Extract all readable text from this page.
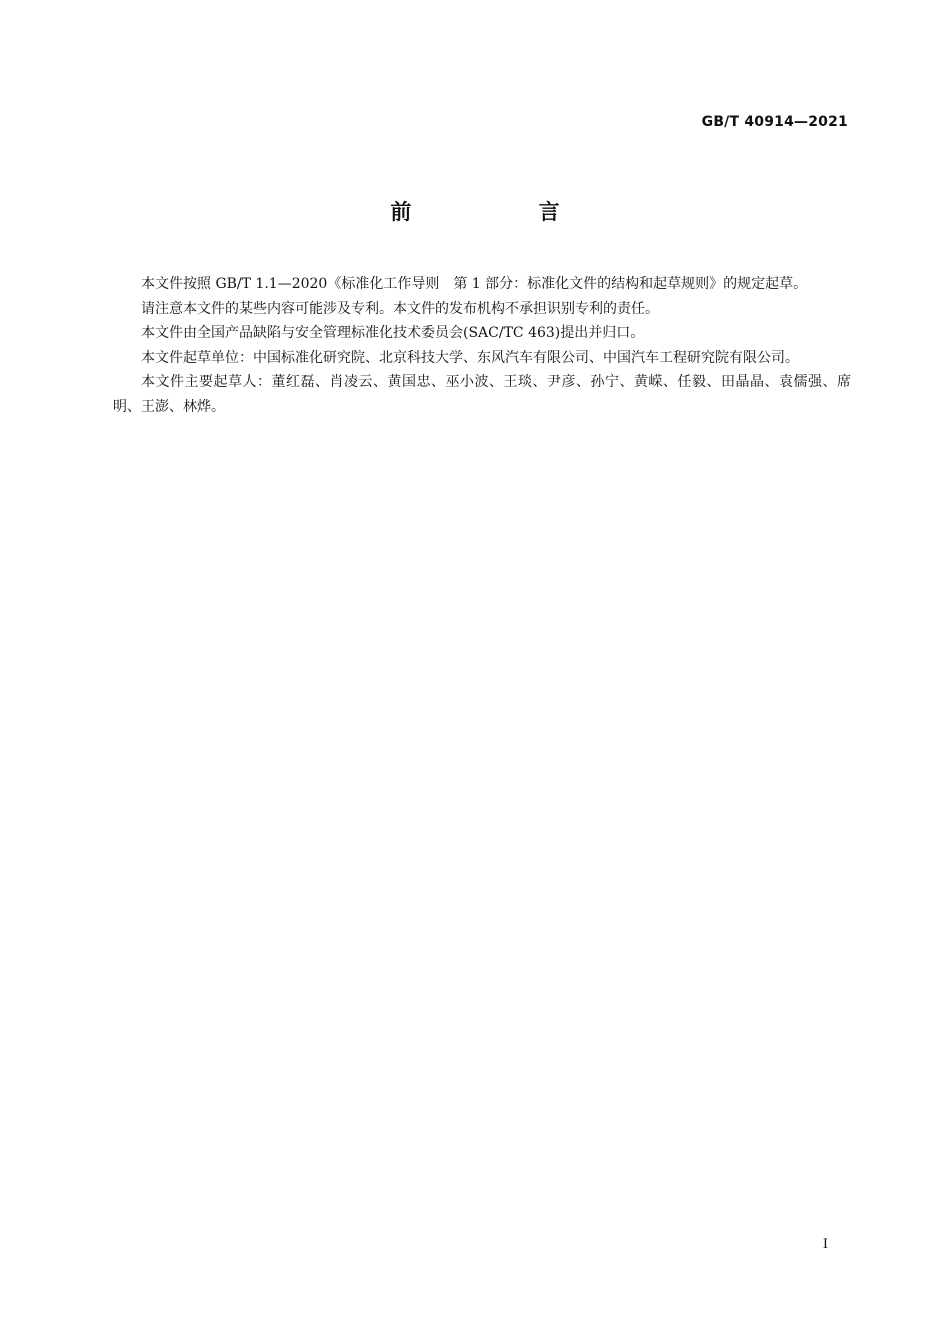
GB/T 40914—2021
前 言

本文件按照 GB/T 1.1—2020《标准化工作导则　第 1 部分：标准化文件的结构和起草规则》的规定起草。

请注意本文件的某些内容可能涉及专利。本文件的发布机构不承担识别专利的责任。

本文件由全国产品缺陷与安全管理标准化技术委员会(SAC/TC 463)提出并归口。

本文件起草单位：中国标准化研究院、北京科技大学、东风汽车有限公司、中国汽车工程研究院有限公司。

本文件主要起草人：董红磊、肖凌云、黄国忠、巫小波、王琰、尹彦、孙宁、黄嵘、任毅、田晶晶、袁儒强、席明、王澎、林烨。

I
